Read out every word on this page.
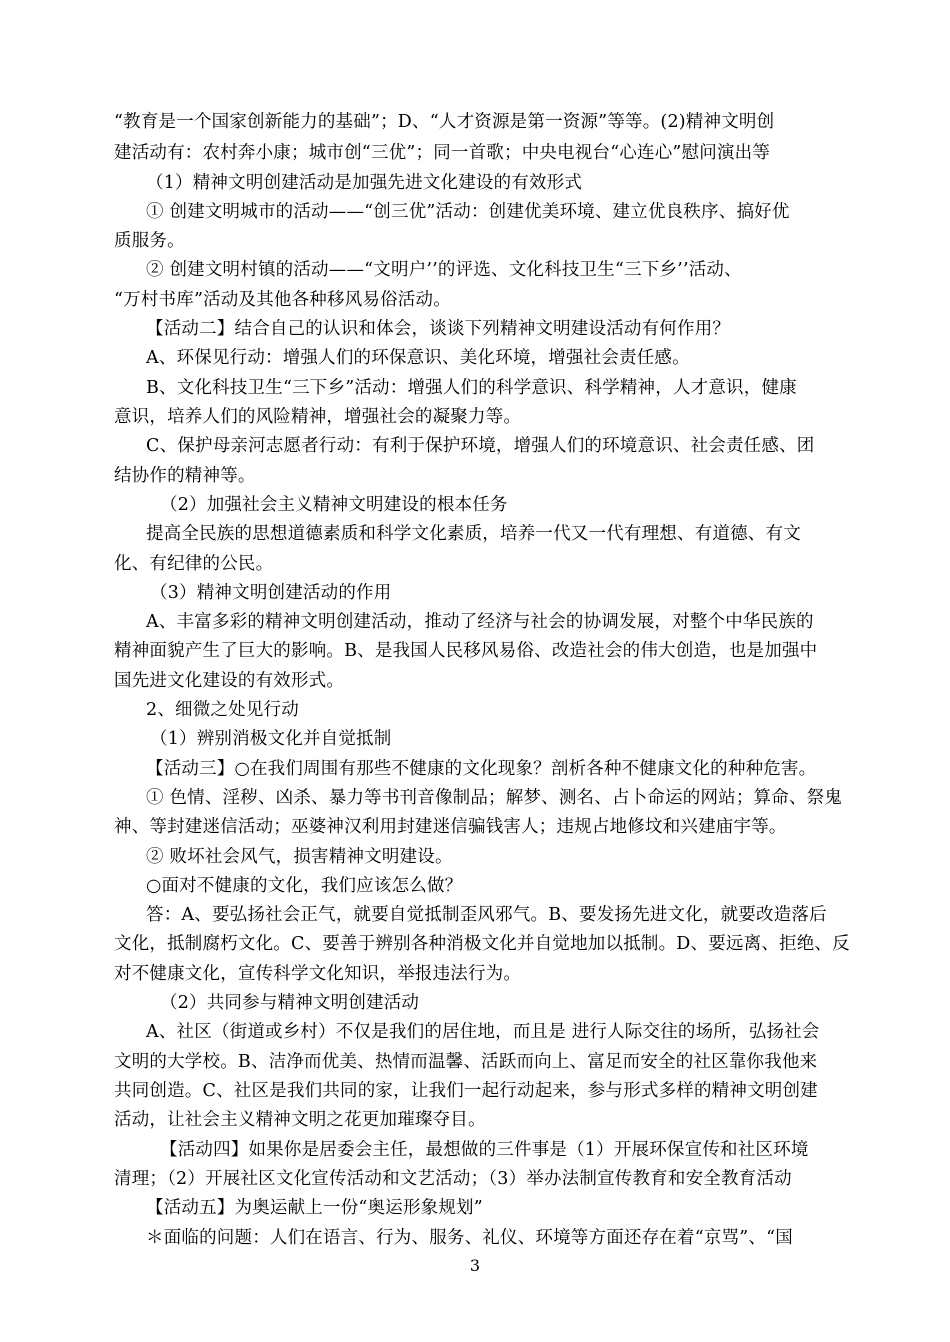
“教育是一个国家创新能力的基础”；D、“人才资源是第一资源”等等。(2)精神文明创
建活动有：农村奔小康；城市创“三优”；同一首歌；中央电视台“心连心”慰问演出等
（1）精神文明创建活动是加强先进文化建设的有效形式
① 创建文明城市的活动——“创三优”活动：创建优美环境、建立优良秩序、搞好优
质服务。
② 创建文明村镇的活动——“文明户’’的评选、文化科技卫生“三下乡’’活动、
“万村书库”活动及其他各种移风易俗活动。
【活动二】结合自己的认识和体会，谈谈下列精神文明建设活动有何作用？
A、环保见行动：增强人们的环保意识、美化环境，增强社会责任感。
B、文化科技卫生“三下乡”活动：增强人们的科学意识、科学精神，人才意识，健康
意识，培养人们的风险精神，增强社会的凝聚力等。
C、保护母亲河志愿者行动：有利于保护环境，增强人们的环境意识、社会责任感、团
结协作的精神等。
（2）加强社会主义精神文明建设的根本任务
提高全民族的思想道德素质和科学文化素质，培养一代又一代有理想、有道德、有文
化、有纪律的公民。
（3）精神文明创建活动的作用
A、丰富多彩的精神文明创建活动，推动了经济与社会的协调发展，对整个中华民族的
精神面貌产生了巨大的影响。B、是我国人民移风易俗、改造社会的伟大创造，也是加强中
国先进文化建设的有效形式。
2、细微之处见行动
（1）辨别消极文化并自觉抵制
【活动三】○在我们周围有那些不健康的文化现象？剖析各种不健康文化的种种危害。
① 色情、淫秽、凶杀、暴力等书刊音像制品；解梦、测名、占卜命运的网站；算命、祭鬼
神、等封建迷信活动；巫婆神汉利用封建迷信骗钱害人；违规占地修坟和兴建庙宇等。
② 败坏社会风气，损害精神文明建设。
○面对不健康的文化，我们应该怎么做？
答：A、要弘扬社会正气，就要自觉抵制歪风邪气。B、要发扬先进文化，就要改造落后
文化，抵制腐朽文化。C、要善于辨别各种消极文化并自觉地加以抵制。D、要远离、拒绝、反
对不健康文化，宣传科学文化知识，举报违法行为。
（2）共同参与精神文明创建活动
A、社区（街道或乡村）不仅是我们的居住地，而且是 进行人际交往的场所，弘扬社会
文明的大学校。B、洁净而优美、热情而温馨、活跃而向上、富足而安全的社区靠你我他来
共同创造。C、社区是我们共同的家，让我们一起行动起来，参与形式多样的精神文明创建
活动，让社会主义精神文明之花更加璀璨夺目。
【活动四】如果你是居委会主任，最想做的三件事是（1）开展环保宣传和社区环境
清理；（2）开展社区文化宣传活动和文艺活动；（3）举办法制宣传教育和安全教育活动
【活动五】为奥运献上一份“奥运形象规划”
＊面临的问题：人们在语言、行为、服务、礼仪、环境等方面还存在着“京骂”、“国
3
